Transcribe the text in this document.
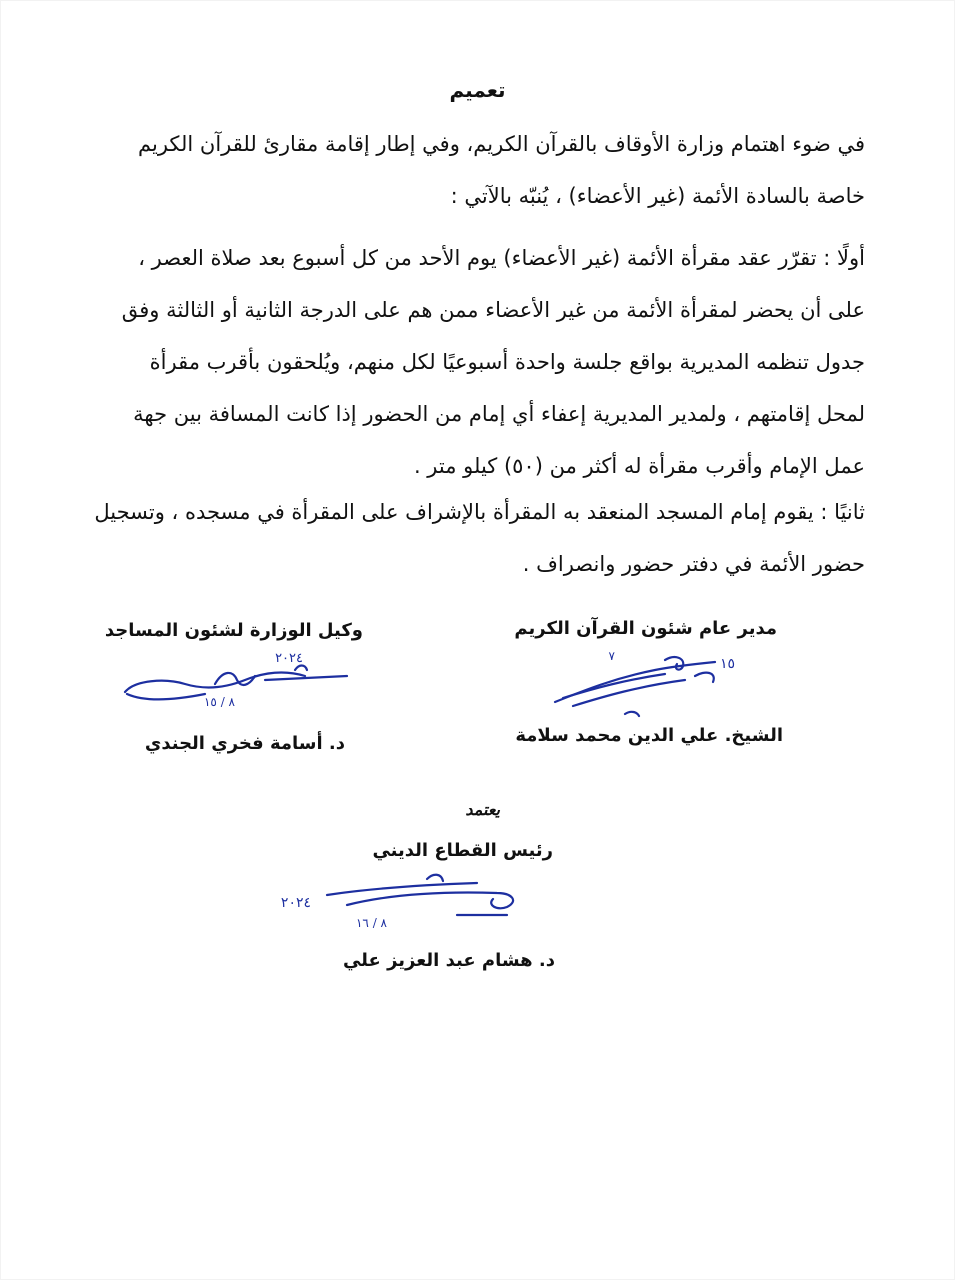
تعميم
في ضوء اهتمام وزارة الأوقاف بالقرآن الكريم، وفي إطار إقامة مقارئ للقرآن الكريم
خاصة بالسادة الأئمة (غير الأعضاء) ، يُنبّه بالآتي :
أولًا : تقرّر عقد مقرأة الأئمة (غير الأعضاء) يوم الأحد من كل أسبوع بعد صلاة العصر ،
على أن يحضر لمقرأة الأئمة من غير الأعضاء ممن هم على الدرجة الثانية أو الثالثة وفق
جدول تنظمه المديرية بواقع جلسة واحدة أسبوعيًا لكل منهم، ويُلحقون بأقرب مقرأة
لمحل إقامتهم ، ولمدير المديرية إعفاء أي إمام من الحضور إذا كانت المسافة بين جهة
عمل الإمام وأقرب مقرأة له أكثر من (٥٠) كيلو متر .
ثانيًا : يقوم إمام المسجد المنعقد به المقرأة بالإشراف على المقرأة في مسجده ، وتسجيل
حضور الأئمة في دفتر حضور وانصراف .
مدير عام شئون القرآن الكريم
١٥
٧
الشيخ. علي الدين محمد سلامة
وكيل الوزارة لشئون المساجد
٢٠٢٤
٨ / ١٥
د. أسامة فخري الجندي
يعتمد
رئيس القطاع الديني
٢٠٢٤
٨ / ١٦
د. هشام عبد العزيز علي
